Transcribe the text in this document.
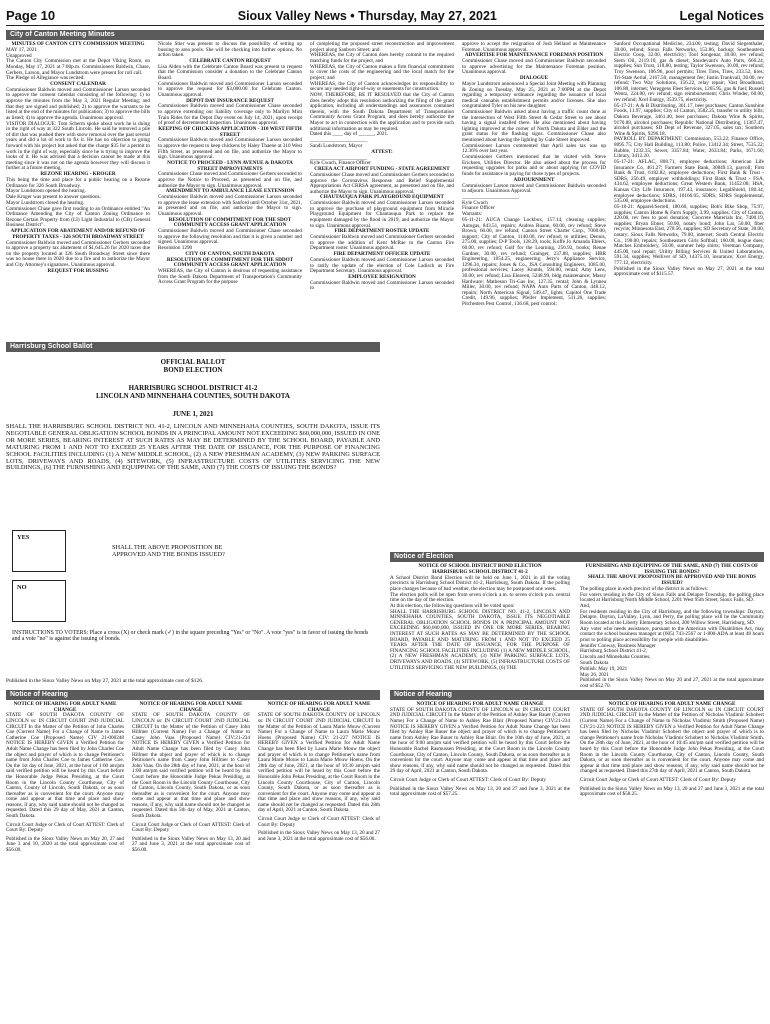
Page 10	Sioux Valley News • Thursday, May 27, 2021	Legal Notices
City of Canton Meeting Minutes

MINUTES OF CANTON CITY COMMISSION MEETING

MAY 17, 2021

Unapproved

The Canton City Commission met at the Depot Viking Room, on Monday, May 17, 2021 at 7:00p.m. Commissioners Baldwin, Chase, Gerbers, Larson, and Mayor Lundstrom were present for roll call.

The Pledge of Allegiance was recited.

CONSENT CALENDAR

Commissioner Baldwin moved and Commissioner Larson seconded to approve the consent calendar consisting of the following: 1) to approve the minutes from the May 3, 2021 Regular Meeting; and that they are signed and published; 2) to approve the warrants to be listed at the end of the minutes for publication; 3) to approve the bills as listed; 4) to approve the agenda. Unanimous approval.

VISITOR DIALOGUE: Tom Scherm spoke about work he is doing in the right of way at 322 South Lincoln. He said he removed a pile of dirt that was pushed there with snow removal over the past several years and did a lot of work to fix it. He has no objection to going forward with his project but asked that the charge $35 for a permit to work in the right of way, especially since he is trying to improve the looks of it. He was advised that a decision cannot be made at this meeting since it was not on the agenda however they will discuss it further at a future meeting.

REZONE HEARING - KROGER

This being the time and place for a public hearing on a Rezone Ordinance for 326 South Broadway.

Mayor Lundstrom opened the hearing.

Dale Kroger was present to answer questions.

Mayor Lundstrom closed the hearing.

Commissioner Chase gave first reading to an Ordinance entitled "An Ordinance Amending the City of Canton Zoning Ordinance to Rezone Certain Property from (LI) Light Industrial to (GB) General Business District".

APPLICATION FOR ABATEMENT AND/OR REFUND OF PROPERTY TAXES - 326 SOUTH BROADWAY STREET

Commissioner Baldwin moved and Commissioner Gerbers seconded to approve a property tax abatement of $1,645.26 for 2020 taxes due on the property located at 326 South Broadway Street since there was no house there in 2020 due to a fire and to authorize the Mayor and City Attorney's signatures. Unanimous approval.

REQUEST FOR BUSSING

Nicole Stier was present to discuss the possibility of setting up bussing to area pools. She will be checking into further options. No action taken.

CELEBRATE CANTON REQUEST

Lisa Alden with the Celebrate Canton Board was present to request that the Commission consider a donation to the Celebrate Canton Board.

Commissioner Baldwin moved and Commissioner Larson seconded to approve the request for $3,000.00 for Celebrate Canton. Unanimous approval.

DEPOT DAY INSURANCE REQUEST

Commissioner Baldwin moved and Commissioner Chase seconded to approve extending our liability coverage only to Marilyn Mini Train Rides for the Depot Day event on July 14, 2021, upon receipt of proof of decremented inspection. Unanimous approval.

KEEPING OF CHICKENS APPLICATION - 310 WEST FIFTH STREET

Commissioner Baldwin moved and Commissioner Larson seconded to approve the request to keep chickens by Haley Thaene at 310 West Fifth Street, as presented and on file, and authorize the Mayor to sign. Unanimous approval.

NOTICE TO PROCEED - LYNN AVENUE & DAKOTA STREET IMPROVEMENTS

Commissioner Chase moved and Commissioner Gerbers seconded to approve the Notice to Proceed, as presented and on file, and authorize the Mayor to sign. Unanimous approval.

AMENDMENT TO AMBULANCE LEASE EXTENSION

Commissioner Baldwin moved and Commissioner Larson seconded to approve the lease extension with Sanford until October 31st, 2021, as presented and on file, and authorize the Mayor to sign. Unanimous approval.

RESOLUTION OF COMMITMENT FOR THE SDOT COMMUNITY ACCESS GRANT APPLICATION

Commissioner Baldwin moved and Commissioner Chase seconded to approve the following resolution and that it is given a number and signed. Unanimous approval.

Resolution 1290

CITY OF CANTON, SOUTH DAKOTA

RESOLUTION OF COMMITMENT FOR THE SDDOT COMMUNITY ACCESS GRANT APPLICATION

WHEREAS, the City of Canton is desirous of requesting assistance from the South Dakota Department of Transportation's Community Access Grant Program for the purpose

of completing the proposed street reconstruction and improvement project along Sanborn Street; and

WHEREAS, the City of Canton does hereby commit to the required matching funds for the project, and

WHEREAS, the City of Canton makes a firm financial commitment to cover the costs of the engineering and the local match for the project; and

WHEREAS, the City of Canton acknowledges its responsibility to secure any needed right-of-way or easements for construction.

NOW, THEREFORE, BE IT RESOLVED that the City of Canton does hereby adopt this resolution authorizing the filing of the grant application, including all understandings and assurances contained therein, with the South Dakota Department of Transportation Community Access Grant Program, and does hereby authorize the Mayor to act in connection with the application and to provide such additional information as may be required.

Dated this ____ day of ______, 2021.

______________________

Sandi Lundstrom, Mayor

ATTEST:

______________________

Kyle Cwach, Finance Officer

CREEA ACT AIRPORT FUNDING - STATE AGREEMENT

Commissioner Chase moved and Commissioner Gerbers seconded to approve the Coronavirus Response and Relief Supplemental Appropriations Act CRRSA agreement, as presented and on file, and authorize the Mayor to sign. Unanimous approval.

CHAUTAUQUA PARK PLAYGROUND EQUIPMENT

Commissioner Baldwin moved and Commissioner Larson seconded to approve the purchase of playground equipment from Miracle Playground Equipment for Chautauqua Park to replace the equipment damaged by the flood in 2019, and authorize the Mayor to sign. Unanimous approval.

FIRE DEPARTMENT ROSTER UPDATE

Commissioner Baldwin moved and Commissioner Gerbers seconded to approve the addition of Kent McRae to the Canton Fire Department roster. Unanimous approval.

FIRE DEPARTMENT OFFICER UPDATE

Commissioner Baldwin moved and Commissioner Larson seconded to ratify the update of the election of Cole Ladisch as Fire Department Secretary. Unanimous approval.

EMPLOYEE RESIGNATION

Commissioner Baldwin moved and Commissioner Larson seconded to

approve to accept the resignation of Josh Helland as Maintenance Foreman. Unanimous approval.

ADVERTISE FOR MAINTENANCE FOREMAN POSITION

Commissioner Chase moved and Commissioner Baldwin seconded to approve advertising for the Maintenance Foreman position. Unanimous approval.

DIALOGUE

Mayor Lundstrom announced a Special Joint Meeting with Planning & Zoning on Tuesday, May 25, 2021 at 7:00PM at the Depot regarding a temporary ordinance regarding the issuance of local medical cannabis establishment permits and/or licenses. She also congratulated Tyler on his new daughter.

Commissioner Baldwin asked about having a traffic count done at the intersection of West Fifth Street & Cedar Street to see about having a signal installed there. He also mentioned about having lighting improved at the corner of North Dakota and Elder and the grant status for the flashing signs. Commissioner Chase also mentioned about having the lighting by Gale Street improved.

Commissioner Larson commented that April sales tax was up 12.36% over last year.

Commissioner Gerbers mentioned that he visited with Steve Ericksen, Utilities Director. He also asked about the process for requesting upgrades for parks and or about applying for COVID funds for assistance in paying for those types of projects.

ADJOURNMENT

Commissioner Larson moved and Commissioner Baldwin seconded to adjourn. Unanimous Approval.

______________________

Kyle Cwach

Finance Officer

Warrants:

05-11-21: AUCA Change Lockbox, 157.14, cleaning supplies; Autogas, 843.51, repairs; Andrea Ruane, 60.00, rev refund; Steve Brown, 60.00, rev refund; Canton Street Charter Corp., 7000.00, support; City of Canton, 1140.00, rev refund; to utilities; Dennis, 275.00, supplies; D-P Tools, 128.29, tools; Koffe Jo Amanda Ehlers, 60.00, rev refund; Golf for the Learning, 256.92, books; Renae Gardner, 30.00, rev refund; Grainger, 237.88, supplies; HBR Engineering, 1054.25, engineering; Jerry's Appliance Service, 1296.34, repairs; Jones & Co., JSA Consulting Engineers, 1085.00, professional services; Lacey Knutds, 594.00, rental; Amy Lens, 30.00, rev refund; Lisa Eleaven, 5248.99, bldg maintenance; Massy Hardware; Matheson Tri-Gas Inc, 127.35, rental; John & Lynnea Miller, 30.00, rev refund; NAPA Auto Parts of Canton, 448.12, repairs; North American Signal, 549.47, lights; Capitol One Trade Credit, 149.96, supplies; Pfeifer Implement, 511.26, supplies; Pitchesters Pest Control, 136.68, pest control;

Sanford Occupational Medicine, 234.00, testing; David Siegenthaler, 30.00, refund; Sioux Falls Networks, 153.86, backup; Southeastern Electric Coop, 32.00, electricity; Tool Songenar, 30.00, rev refund; Stern Oil, 2119.10, gas & diesel; Sturdevant's Auto Parts, 666.24, supplies; Sun Trust, 118.80, testing; Taylor Swenson, 30.00, rev refund; Troy Swenson, 106.96, pool permits; Tires Tires, Tires, 233.52, tires; Tri-State Aerial, 2167.50, management fee; Justin Trankvall, 30.00, rev refund; Two Way Solutions, 156.22, relay repair; Vast Broadband, 106.80, internet; Vereggens Fleet Services, 1265.95, gas & fuel; Russell Wentz, 224.00, rev refund; sign reimbursement; Chris Winder, 60.00, rev refund; Xcel Energy, 3539.75, electricity.

05-17-21: A & B Distributing, 361.17, beer purchases; Canton Sunshine Foods, 11.97, supplies; City of Canton, 3582.25, transfer to utility bills; Dakota Beverage, 3461.40, beer purchases; Dakota Wine & Spirits, 9170.88, alcohol purchases; Republic National Distributing, 11367.47, alcohol purchases; SD Dept of Revenue, 327.05, sales tax; Southern Wine & Spirits, 9296.18.

PAYROLL BY DEPARTMENT: Commission, 553.22; Finance Office, 8095.75; City Hall Building, 113.80; Police, 13412.34; Street, 7535.22; Rubble, 1232.35; Sewer, 3357.84; Water, 2633.84; Parks, 1671.60; Library, 3412.20.

05-17-21: AFLAC, 808.71, employee deductions; American Life Insurance Co, 461.27; Farmers State Bank, 30849.13, payroll; First Bank & Trust, 6182.82, employee deductions; First Bank & Trust - SDRS, 256.49, employer withholdings; First Bank & Trust - FSA, 434.62, employee deductions; Great Western Bank, 11452.00; HSA, Kansas City Life Insurance, 197.43, insurance; LegalShield, 180.34, employee deductions; SDRS, 10166.05, SDRS; SDRS Supplemental, 535.00, employee deductions.

05-18-21: Apparel/Serrell, 180.60, supplies; Bob's Bike Shop, 75.97, supplies; Canton Home & Farm Supply, 3.99, supplies; City of Canton, 420.00, rev fees to pool donation; Concrete Materials Inc, 7400.19, supplies; Bryan Ebner, 50.00, notary bond; John Lar, 50.00, fiber recycle; Minnesota East, 278.56, supplies; SD Secretary of State, 30.00, notary; Sioux Falls Networks, 79.00, internet; South Central Electric Co., 190.00, repairs; Southeastern Girls Softball, 160.00, league dues; Matches Embroidery, 50.00, summer help shirts; Vereman Company, 445.00, tool repair; Utility Billing Services & United Laboratories, 591.34, supplies; Welliver of SD, 14375.10, insurance; Xcel Energy, 777.12, electricity.

Published in the Sioux Valley News on May 27, 2021 at the total approximate cost of $115.57.

Harrisburg School Ballot
OFFICIAL BALLOT
BOND ELECTION
HARRISBURG SCHOOL DISTRICT 41-2
LINCOLN AND MINNEHAHA COUNTIES, SOUTH DAKOTA
JUNE 1, 2021
SHALL THE HARRISBURG SCHOOL DISTRICT NO. 41-2, LINCOLN AND MINNEHAHA COUNTIES, SOUTH DAKOTA, ISSUE ITS NEGOTIABLE GENERAL OBLIGATION SCHOOL BONDS IN A PRINCIPAL AMOUNT NOT EXCEEDING $60,000,000, ISSUED IN ONE OR MORE SERIES, BEARING INTEREST AT SUCH RATES AS MAY BE DETERMINED BY THE SCHOOL BOARD, PAYABLE AND MATURING FROM 1 AND NOT TO EXCEED 25 YEARS AFTER THE DATE OF ISSUANCE, FOR THE PURPOSE OF FINANCING SCHOOL FACILITIES INCLUDING (1) A NEW MIDDLE SCHOOL, (2) A NEW FRESHMAN ACADEMY, (3) NEW PARKING SURFACE LOTS, DRIVEWAYS AND ROADS, (4) SITEWORK, (5) INFRASTRUCTURE COSTS OF UTILITIES SERVICING THE NEW BUILDINGS, (6) THE FURNISHING AND EQUIPPING OF THE SAME, AND (7) THE COSTS OF ISSUING THE BONDS?
YES
SHALL THE ABOVE PROPOSITION BE
APPROVED AND THE BONDS ISSUED?
NO
INSTRUCTIONS TO VOTERS: Place a cross (X) or check mark (✓) in the square preceding "Yes" or "No". A vote "yes" is in favor of issuing the bonds and a vote "no" is against the issuing of bonds.
Published in the Sioux Valley News on May 27, 2021 at the total approximate cost of $126.
Notice of Election

NOTICE OF SCHOOL DISTRICT BOND ELECTION

HARRISBURG SCHOOL DISTRICT 41-2

A School District Bond Election will be held on June 1, 2021 in all the voting precincts in Harrisburg School District 41-2, Harrisburg, South Dakota. If the polling place changes because of bad weather, the election may be postponed one week.

The election polls will be open from seven o'clock a.m. to seven o'clock p.m. central time on the day of the election.

At this election, the following questions will be voted upon:

SHALL THE HARRISBURG SCHOOL DISTRICT NO. 41-2, LINCOLN AND MINNEHAHA COUNTIES, SOUTH DAKOTA, ISSUE ITS NEGOTIABLE GENERAL OBLIGATION SCHOOL BONDS IN A PRINCIPAL AMOUNT NOT EXCEEDING $60,000,000, ISSUED IN ONE OR MORE SERIES, BEARING INTEREST AT SUCH RATES AS MAY BE DETERMINED BY THE SCHOOL BOARD, PAYABLE AND MATURING FROM 1 AND NOT TO EXCEED 25 YEARS AFTER THE DATE OF ISSUANCE, FOR THE PURPOSE OF FINANCING SCHOOL FACILITIES INCLUDING (1) A NEW MIDDLE SCHOOL, (2) A NEW FRESHMAN ACADEMY, (3) NEW PARKING SURFACE LOTS, DRIVEWAYS AND ROADS, (4) SITEWORK, (5) INFRASTRUCTURE COSTS OF UTILITIES SERVICING THE NEW BUILDINGS, (6) THE

FURNISHING AND EQUIPPING OF THE SAME, AND (7) THE COSTS OF ISSUING THE BONDS?

SHALL THE ABOVE PROPOSITION BE APPROVED AND THE BONDS ISSUED?

The polling place in each precinct of the district is as follows:

For voters residing in the City of Sioux Falls and Delapre Township, the polling place located at Harrisburg North Middle School, 2201 West 95th Street, Sioux Falls, SD.

And,

For residents residing in the City of Harrisburg, and the following townships: Dayton, Delapre, Dayton, LaValley, Lynn, and Perry, the polling place will be the Community Room located at the Liberty Elementary School, 200 Willow Street, Harrisburg, SD.

Any voter who needs assistance, pursuant to the American with Disabilities Act, may contact the school business manager at (605) 743-2567 or 1-800-ADA at least 48 hours prior to polling place accessibility for people with disabilities.

Jennifer Conway, Business Manager

Harrisburg School District 41-2,

Lincoln and Minnehaha Counties,

South Dakota

Publish: May 19, 2021

May 26, 2021

Published in the Sioux Valley News on May 20 and 27, 2021 at the total approximate cost of $52.70.

Notice of Hearing	Notice of Hearing

NOTICE OF HEARING FOR ADULT NAME CHANGE

STATE OF SOUTH DAKOTA COUNTY OF LINCOLN ss: IN CIRCUIT COURT 2ND JUDICIAL CIRCUIT In the Matter of the Petition of John Charles Coe (Current Name) For a Change of Name to James Catherine Coe (Proposed Name) CIV 21-000248 NOTICE IS HEREBY GIVEN a Verified Petition for Adult Name Change has been filed by John Charles Coe the object and prayer of which is to change Petitioner's name from John Charles Coe to James Catherine Coe. On the 1st day of June, 2021, at the hour of 1:00 am/pm said verified petition will be heard by this Court before the Honorable Judge Pekas Presiding, at the Court Room in the Lincoln County Courthouse, City of Canton, County of Lincoln, South Dakota, or as soon thereafter as is convenient for the court. Anyone may come and appear at that time and place and show reasons, if any, why said name should not be changed as requested. Dated this 29 day of May, 2021 at Canton, South Dakota.

Circuit Court Judge or Clerk of Court ATTEST: Clerk of Court By: Deputy

Published in the Sioux Valley News on May 20, 27 and June 3 and 10, 2020 at the total approximate cost of $56.00.

NOTICE OF HEARING FOR ADULT NAME CHANGE

STATE OF SOUTH DAKOTA COUNTY OF LINCOLN ss: IN CIRCUIT COURT 2ND JUDICIAL CIRCUIT In the Matter of the Petition of Casey John Hillmer (Current Name) For a Change of Name to Casey John Vaas (Proposed Name) CIV:21-234 NOTICE IS HEREBY GIVEN a Verified Petition for Adult Name Change has been filed by Casey John Hillmer the object and prayer of which is to change Petitioner's name from Casey John Hillmer to Casey John Vaas. On the 28th day of June, 2021, at the hour of 1:00 am/pm said verified petition will be heard by this Court before the Honorable Judge Pekas Presiding, at the Court Room in the Lincoln County Courthouse, City of Canton, Lincoln County, South Dakota, or as soon thereafter as is convenient for the court. Anyone may come and appear at that time and place and show reasons, if any, why said name should not be changed as requested. Dated this 5th day of May, 2021 at Canton, South Dakota.

Circuit Court Judge or Clerk of Court ATTEST: Clerk of Court By: Deputy

Published in the Sioux Valley News on May 13, 20 and 27 and June 3, 2021 at the total approximate cost of $56.00.

NOTICE OF HEARING FOR ADULT NAME CHANGE

STATE OF SOUTH DAKOTA COUNTY OF LINCOLN ss: IN CIRCUIT COURT 2ND JUDICIAL CIRCUIT In the Matter of the Petition of Laura Marie Mouw (Current Name) For a Change of Name to Laura Marie Mouw Hoens (Proposed Name) CIV: 21-227 NOTICE IS HEREBY GIVEN a Verified Petition for Adult Name Change has been filed by Laura Marie Mouw the object and prayer of which is to change Petitioner's name from Laura Marie Mouw to Laura Marie Mouw Hoens. On the 28th day of June, 2021, at the hour of 10:30 am/pm said verified petition will be heard by this Court before the Honorable John Pekas Presiding, at the Court Room in the Lincoln County Courthouse, City of Canton, Lincoln County, South Dakota, or as soon thereafter as is convenient for the court. Anyone may come and appear at that time and place and show reasons, if any, why said name should not be changed as requested. Dated this 28th day of April, 2021 at Canton, South Dakota.

Circuit Court Judge or Clerk of Court ATTEST: Clerk of Court By: Deputy

Published in the Sioux Valley News on May 13, 20 and 27 and June 3, 2021 at the total approximate cost of $56.00.

NOTICE OF HEARING FOR ADULT NAME CHANGE

STATE OF SOUTH DAKOTA COUNTY OF LINCOLN ss: IN CIRCUIT COURT 2ND JUDICIAL CIRCUIT In the Matter of the Petition of Ashley Rae Bauer (Current Name) For a Change of Name to Ashley Rae Blair (Proposed Name) CIV:21-234 NOTICE IS HEREBY GIVEN a Verified Petition for Adult Name Change has been filed by Ashley Rae Bauer the object and prayer of which is to change Petitioner's name from Ashley Rae Bauer to Ashley Rae Blair. On the 10th day of June, 2021, at the hour of 9:00 am/pm said verified petition will be heard by this Court before the Honorable Rachel Rasmussen Presiding, at the Court Room in the Lincoln County Courthouse, City of Canton, Lincoln County, South Dakota, or as soon thereafter as is convenient for the court. Anyone may come and appear at that time and place and show reasons, if any, why said name should not be changed as requested. Dated this 29 day of April, 2021 at Canton, South Dakota.

Circuit Court Judge or Clerk of Court ATTEST: Clerk of Court By: Deputy

Published in the Sioux Valley News on May 13, 20 and 27 and June 3, 2021 at the total approximate cost of $57.25.

NOTICE OF HEARING FOR ADULT NAME CHANGE

STATE OF SOUTH DAKOTA COUNTY OF LINCOLN ss: IN CIRCUIT COURT 2ND JUDICIAL CIRCUIT In the Matter of the Petition of Nicholas Vladimir Schobert (Current Name) For a Change of Name to Nicholas Vladimir Smith (Proposed Name) CIV:21-223 NOTICE IS HEREBY GIVEN a Verified Petition for Adult Name Change has been filed by Nicholas Vladimir Schobert the object and prayer of which is to change Petitioner's name from Nicholas Vladimir Schobert to Nicholas Vladimir Smith. On the 28th day of June, 2021, at the hour of 10:45 am/pm said verified petition will be heard by this Court before the Honorable Judge John Pekas Presiding, at the Court Room in the Lincoln County Courthouse, City of Canton, Lincoln County, South Dakota, or as soon thereafter as is convenient for the court. Anyone may come and appear at that time and place and show reasons, if any, why said name should not be changed as requested. Dated this 27th day of April, 2021 at Canton, South Dakota.

Circuit Court Judge or Clerk of Court ATTEST: Clerk of Court By: Deputy

Published in the Sioux Valley News on May 13, 20 and 27 and June 3, 2021 at the total approximate cost of $58.25.
